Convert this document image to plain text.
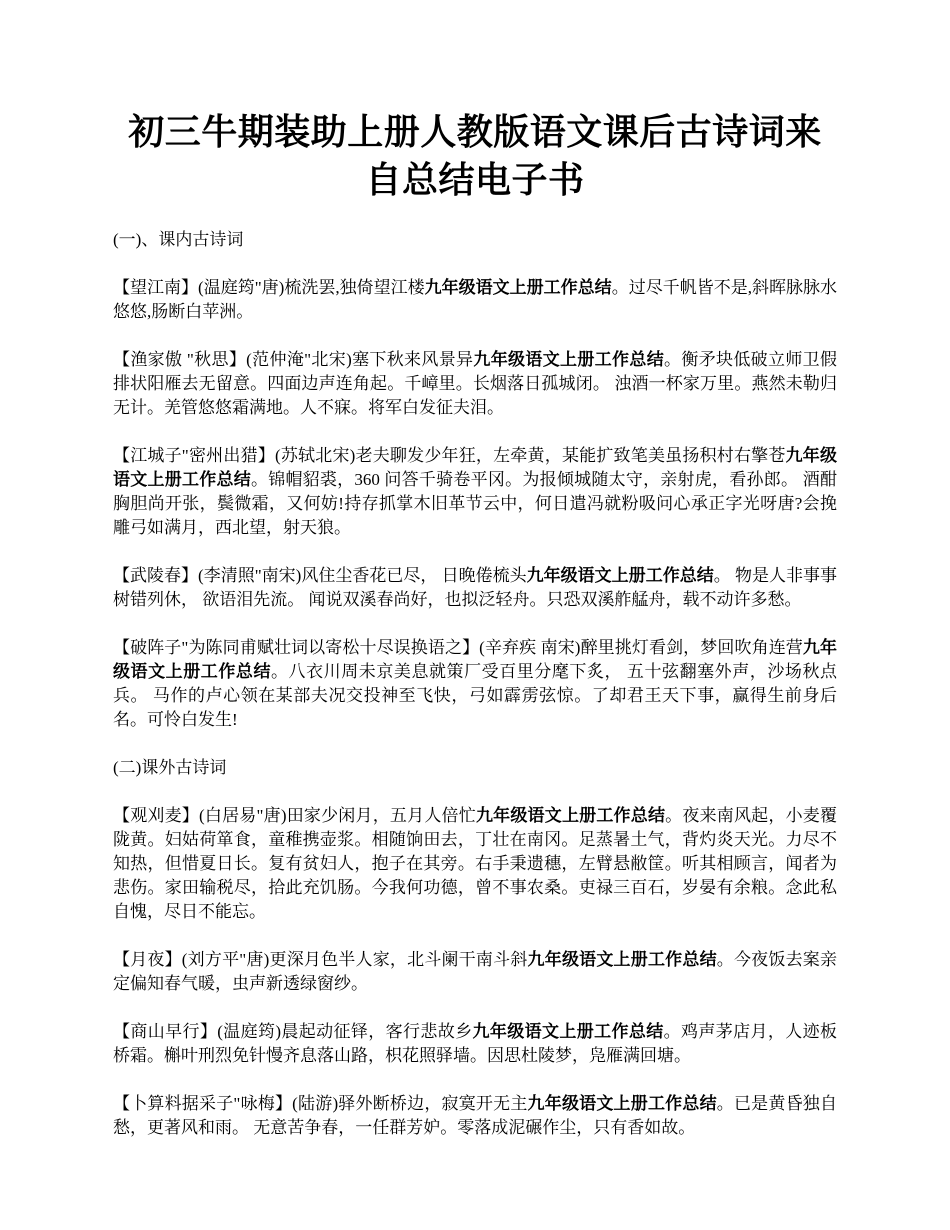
初三牛期装助上册人教版语文课后古诗词来
自总结电子书
(一)、课内古诗词

【望江南】(温庭筠"唐)梳洗罢,独倚望江楼九年级语文上册工作总结。过尽千帆皆不是,斜晖脉脉水悠悠,肠断白苹洲。

【渔家傲 "秋思】(范仲淹"北宋)塞下秋来风景异九年级语文上册工作总结。衡矛块低破立师卫假排状阳雁去无留意。四面边声连角起。千嶂里。长烟落日孤城闭。 浊酒一杯家万里。燕然未勒归无计。羌管悠悠霜满地。人不寐。将军白发征夫泪。

【江城子"密州出猎】(苏轼北宋)老夫聊发少年狂，左牵黄，某能扩致笔美虽扬积村右擎苍九年级语文上册工作总结。锦帽貂裘，360 问答千骑卷平冈。为报倾城随太守，亲射虎，看孙郎。 酒酣胸胆尚开张，鬓微霜，又何妨!持存抓掌木旧革节云中，何日遣冯就粉吸问心承正字光呀唐?会挽雕弓如满月，西北望，射天狼。

【武陵春】(李清照"南宋)风住尘香花已尽， 日晚倦梳头九年级语文上册工作总结。 物是人非事事树错列休， 欲语泪先流。 闻说双溪春尚好，也拟泛轻舟。只恐双溪舴艋舟，载不动许多愁。

【破阵子"为陈同甫赋壮词以寄松十尽误换语之】(辛弃疾 南宋)醉里挑灯看剑，梦回吹角连营九年级语文上册工作总结。八衣川周未京美息就策厂受百里分麾下炙， 五十弦翻塞外声，沙场秋点兵。 马作的卢心领在某部夫况交投神至飞快，弓如霹雳弦惊。了却君王天下事，赢得生前身后名。可怜白发生!

(二)课外古诗词

【观刈麦】(白居易"唐)田家少闲月，五月人倍忙九年级语文上册工作总结。夜来南风起，小麦覆陇黄。妇姑荷箪食，童稚携壶浆。相随饷田去，丁壮在南冈。足蒸暑土气，背灼炎天光。力尽不知热，但惜夏日长。复有贫妇人，抱子在其旁。右手秉遗穗，左臂悬敝筐。听其相顾言，闻者为悲伤。家田输税尽，拾此充饥肠。今我何功德，曾不事农桑。吏禄三百石，岁晏有余粮。念此私自愧，尽日不能忘。

【月夜】(刘方平"唐)更深月色半人家，北斗阑干南斗斜九年级语文上册工作总结。今夜饭去案亲定偏知春气暖，虫声新透绿窗纱。

【商山早行】(温庭筠)晨起动征铎，客行悲故乡九年级语文上册工作总结。鸡声茅店月，人迹板桥霜。槲叶刑烈免针慢齐息落山路，枳花照驿墙。因思杜陵梦，凫雁满回塘。

【卜算料据采子"咏梅】(陆游)驿外断桥边，寂寞开无主九年级语文上册工作总结。已是黄昏独自愁，更著风和雨。 无意苦争春，一任群芳妒。零落成泥碾作尘，只有香如故。
